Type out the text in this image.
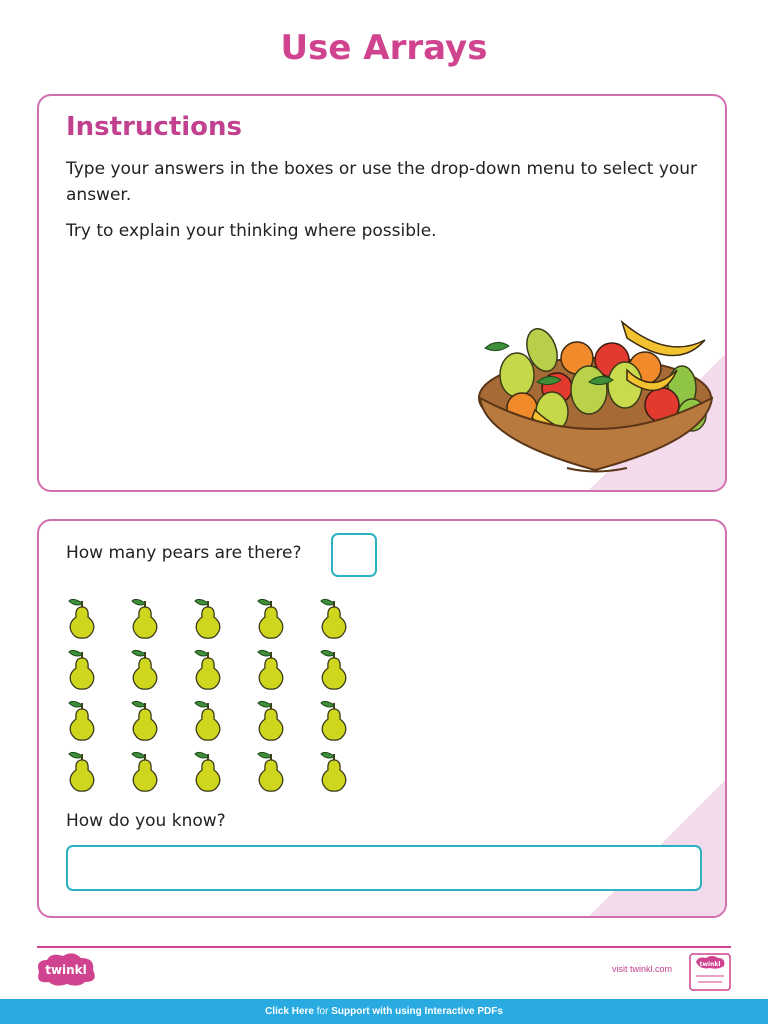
Use Arrays
Instructions
Type your answers in the boxes or use the drop-down menu to select your answer.
Try to explain your thinking where possible.
How many pears are there?
How do you know?
twinkl	visit twinkl.com	twinkl
Click Here for Support with using Interactive PDFs
